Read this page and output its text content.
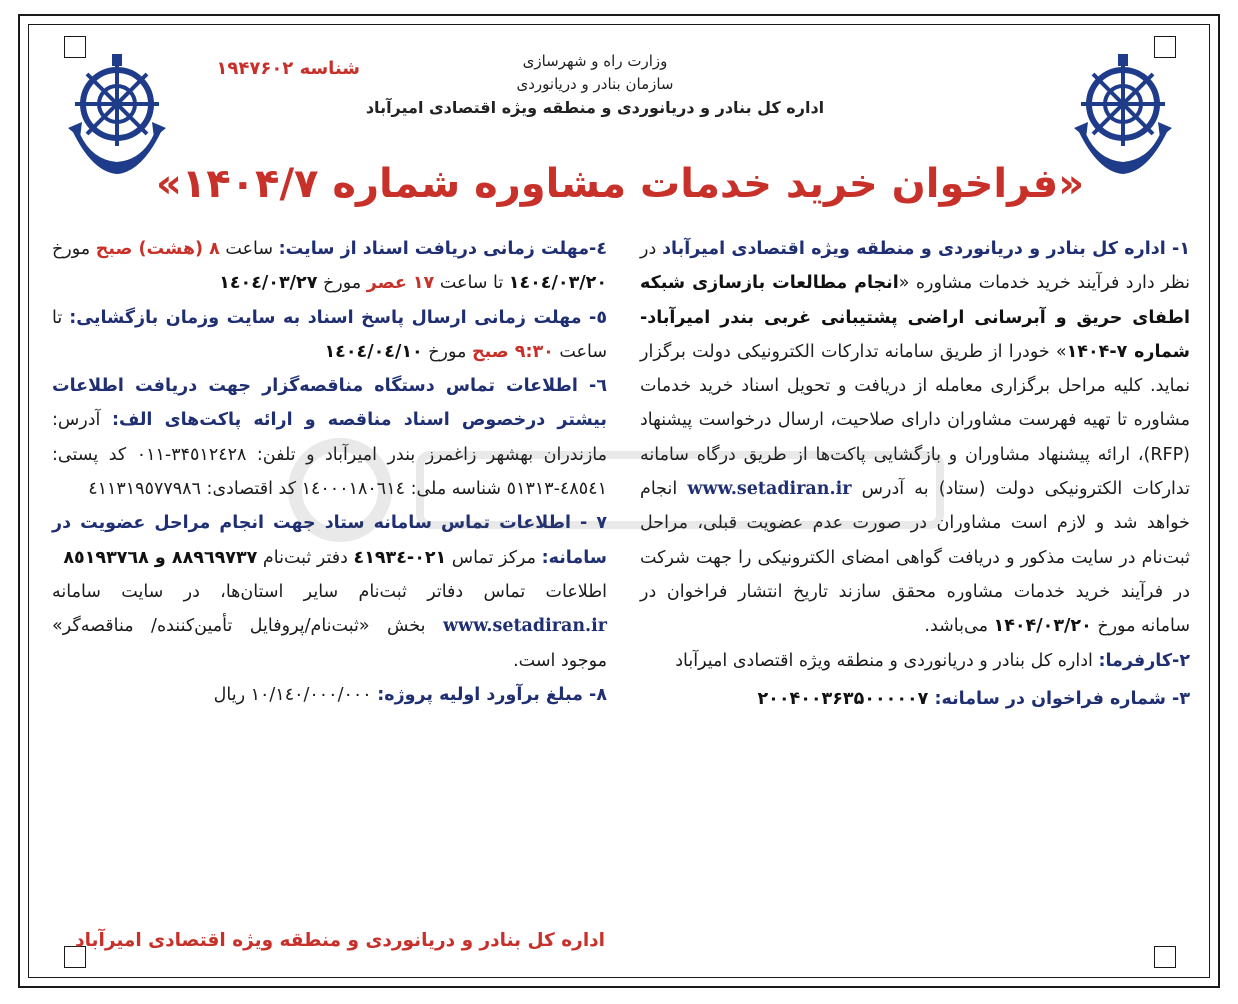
وزارت راه و شهرسازی
سازمان بنادر و دریانوردی
اداره کل بنادر و دریانوردی و منطقه ویژه اقتصادی امیرآباد
شناسه ۱۹۴۷۶۰۲
«فراخوان خرید خدمات مشاوره شماره ۱۴۰۴/۷»

۱- اداره کل بنادر و دریانوردی و منطقه ویژه اقتصادی امیرآباد در نظر دارد فرآیند خرید خدمات مشاوره «انجام مطالعات بازسازی شبکه اطفای حریق و آبرسانی اراضی پشتیبانی غربی بندر امیرآباد- شماره ۷-۱۴۰۴» خودرا از طریق سامانه تدارکات الکترونیکی دولت برگزار نماید. کلیه مراحل برگزاری معامله از دریافت و تحویل اسناد خرید خدمات مشاوره تا تهیه فهرست مشاوران دارای صلاحیت، ارسال درخواست پیشنهاد (RFP)، ارائه پیشنهاد مشاوران و بازگشایی پاکت‌ها از طریق درگاه سامانه تدارکات الکترونیکی دولت (ستاد) به آدرس www.setadiran.ir انجام خواهد شد و لازم است مشاوران در صورت عدم عضویت قبلی، مراحل ثبت‌نام در سایت مذکور و دریافت گواهی امضای الکترونیکی را جهت شرکت در فرآیند خرید خدمات مشاوره محقق سازند تاریخ انتشار فراخوان در سامانه مورخ ۱۴۰۴/۰۳/۲۰ می‌باشد.

۲-کارفرما: اداره کل بنادر و دریانوردی و منطقه ویژه اقتصادی امیرآباد

۳- شماره فراخوان در سامانه: ۲۰۰۴۰۰۳۶۳۵۰۰۰۰۰۷

٤-مهلت زمانی دریافت اسناد از سایت: ساعت ۸ (هشت) صبح مورخ ۱٤۰٤/۰۳/۲۰ تا ساعت ۱۷ عصر مورخ ۱٤۰٤/۰۳/۲۷

٥- مهلت زمانی ارسال پاسخ اسناد به سایت وزمان بازگشایی: تا ساعت ۹:۳۰ صبح مورخ ۱٤۰٤/۰٤/۱۰

٦- اطلاعات تماس دستگاه مناقصه‌گزار جهت دریافت اطلاعات بیشتر درخصوص اسناد مناقصه و ارائه پاکت‌های الف: آدرس: مازندران بهشهر زاغمرز بندر امیرآباد و تلفن: ۳۴٥۱۲٤۲۸-۰۱۱ کد پستی: ٤۸٥٤۱-٥۱۳۱۳ شناسه ملی: ۱٤۰۰۰۱۸۰٦۱٤ کد اقتصادی: ٤۱۱۳۱۹٥۷۷۹۸٦

۷ - اطلاعات تماس سامانه ستاد جهت انجام مراحل عضویت در سامانه: مرکز تماس ۰۲۱-٤۱۹۳٤ دفتر ثبت‌نام ۸۸۹٦۹۷۳۷ و ۸٥۱۹۳۷٦۸

اطلاعات تماس دفاتر ثبت‌نام سایر استان‌ها، در سایت سامانه www.setadiran.ir بخش «ثبت‌نام/پروفایل تأمین‌کننده/ مناقصه‌گر» موجود است.

۸- مبلغ برآورد اولیه پروژه: ۱۰/۱٤۰/۰۰۰/۰۰۰ ریال

اداره کل بنادر و دریانوردی و منطقه ویژه اقتصادی امیرآباد
